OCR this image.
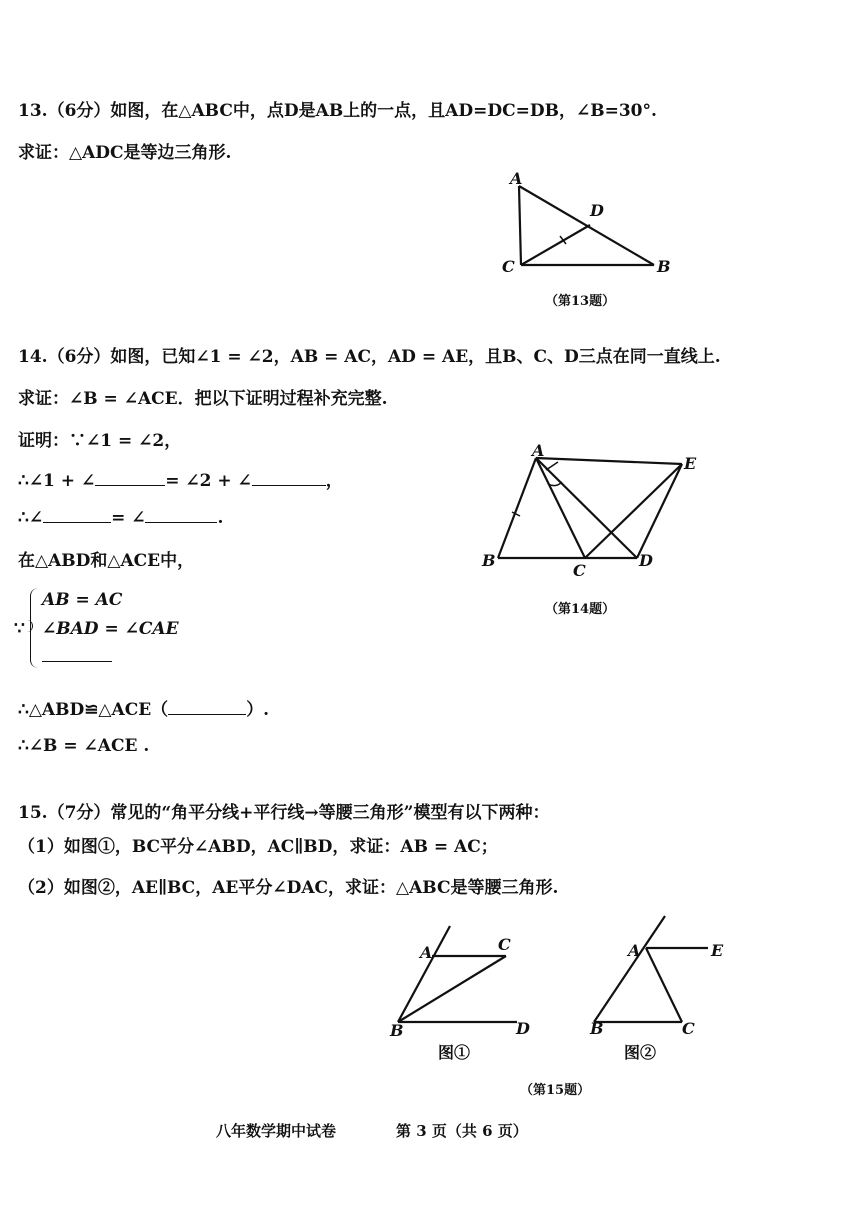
13.（6分）如图，在△ABC中，点D是AB上的一点，且AD=DC=DB，∠B=30°.
求证：△ADC是等边三角形.
A
C	B
D
（第13题）
14.（6分）如图，已知∠1 = ∠2，AB = AC，AD = AE，且B、C、D三点在同一直线上.
求证：∠B = ∠ACE．把以下证明过程补充完整.
证明：∵∠1 = ∠2，
∴∠1 + ∠	= ∠2 + ∠	，
∴∠	= ∠	.
在△ABD和△ACE中，
∵
AB = AC
∠BAD = ∠CAE
∴△ABD≌△ACE（	）.
∴∠B = ∠ACE .
A
E
B
C
D
（第14题）
15.（7分）常见的“角平分线+平行线→等腰三角形”模型有以下两种：
（1）如图①，BC平分∠ABD，AC∥BD，求证：AB = AC；
（2）如图②，AE∥BC，AE平分∠DAC，求证：△ABC是等腰三角形.
A	C
B	D
图①
A	E
B	C
图②
（第15题）
八年数学期中试卷	第 3 页（共 6 页）
